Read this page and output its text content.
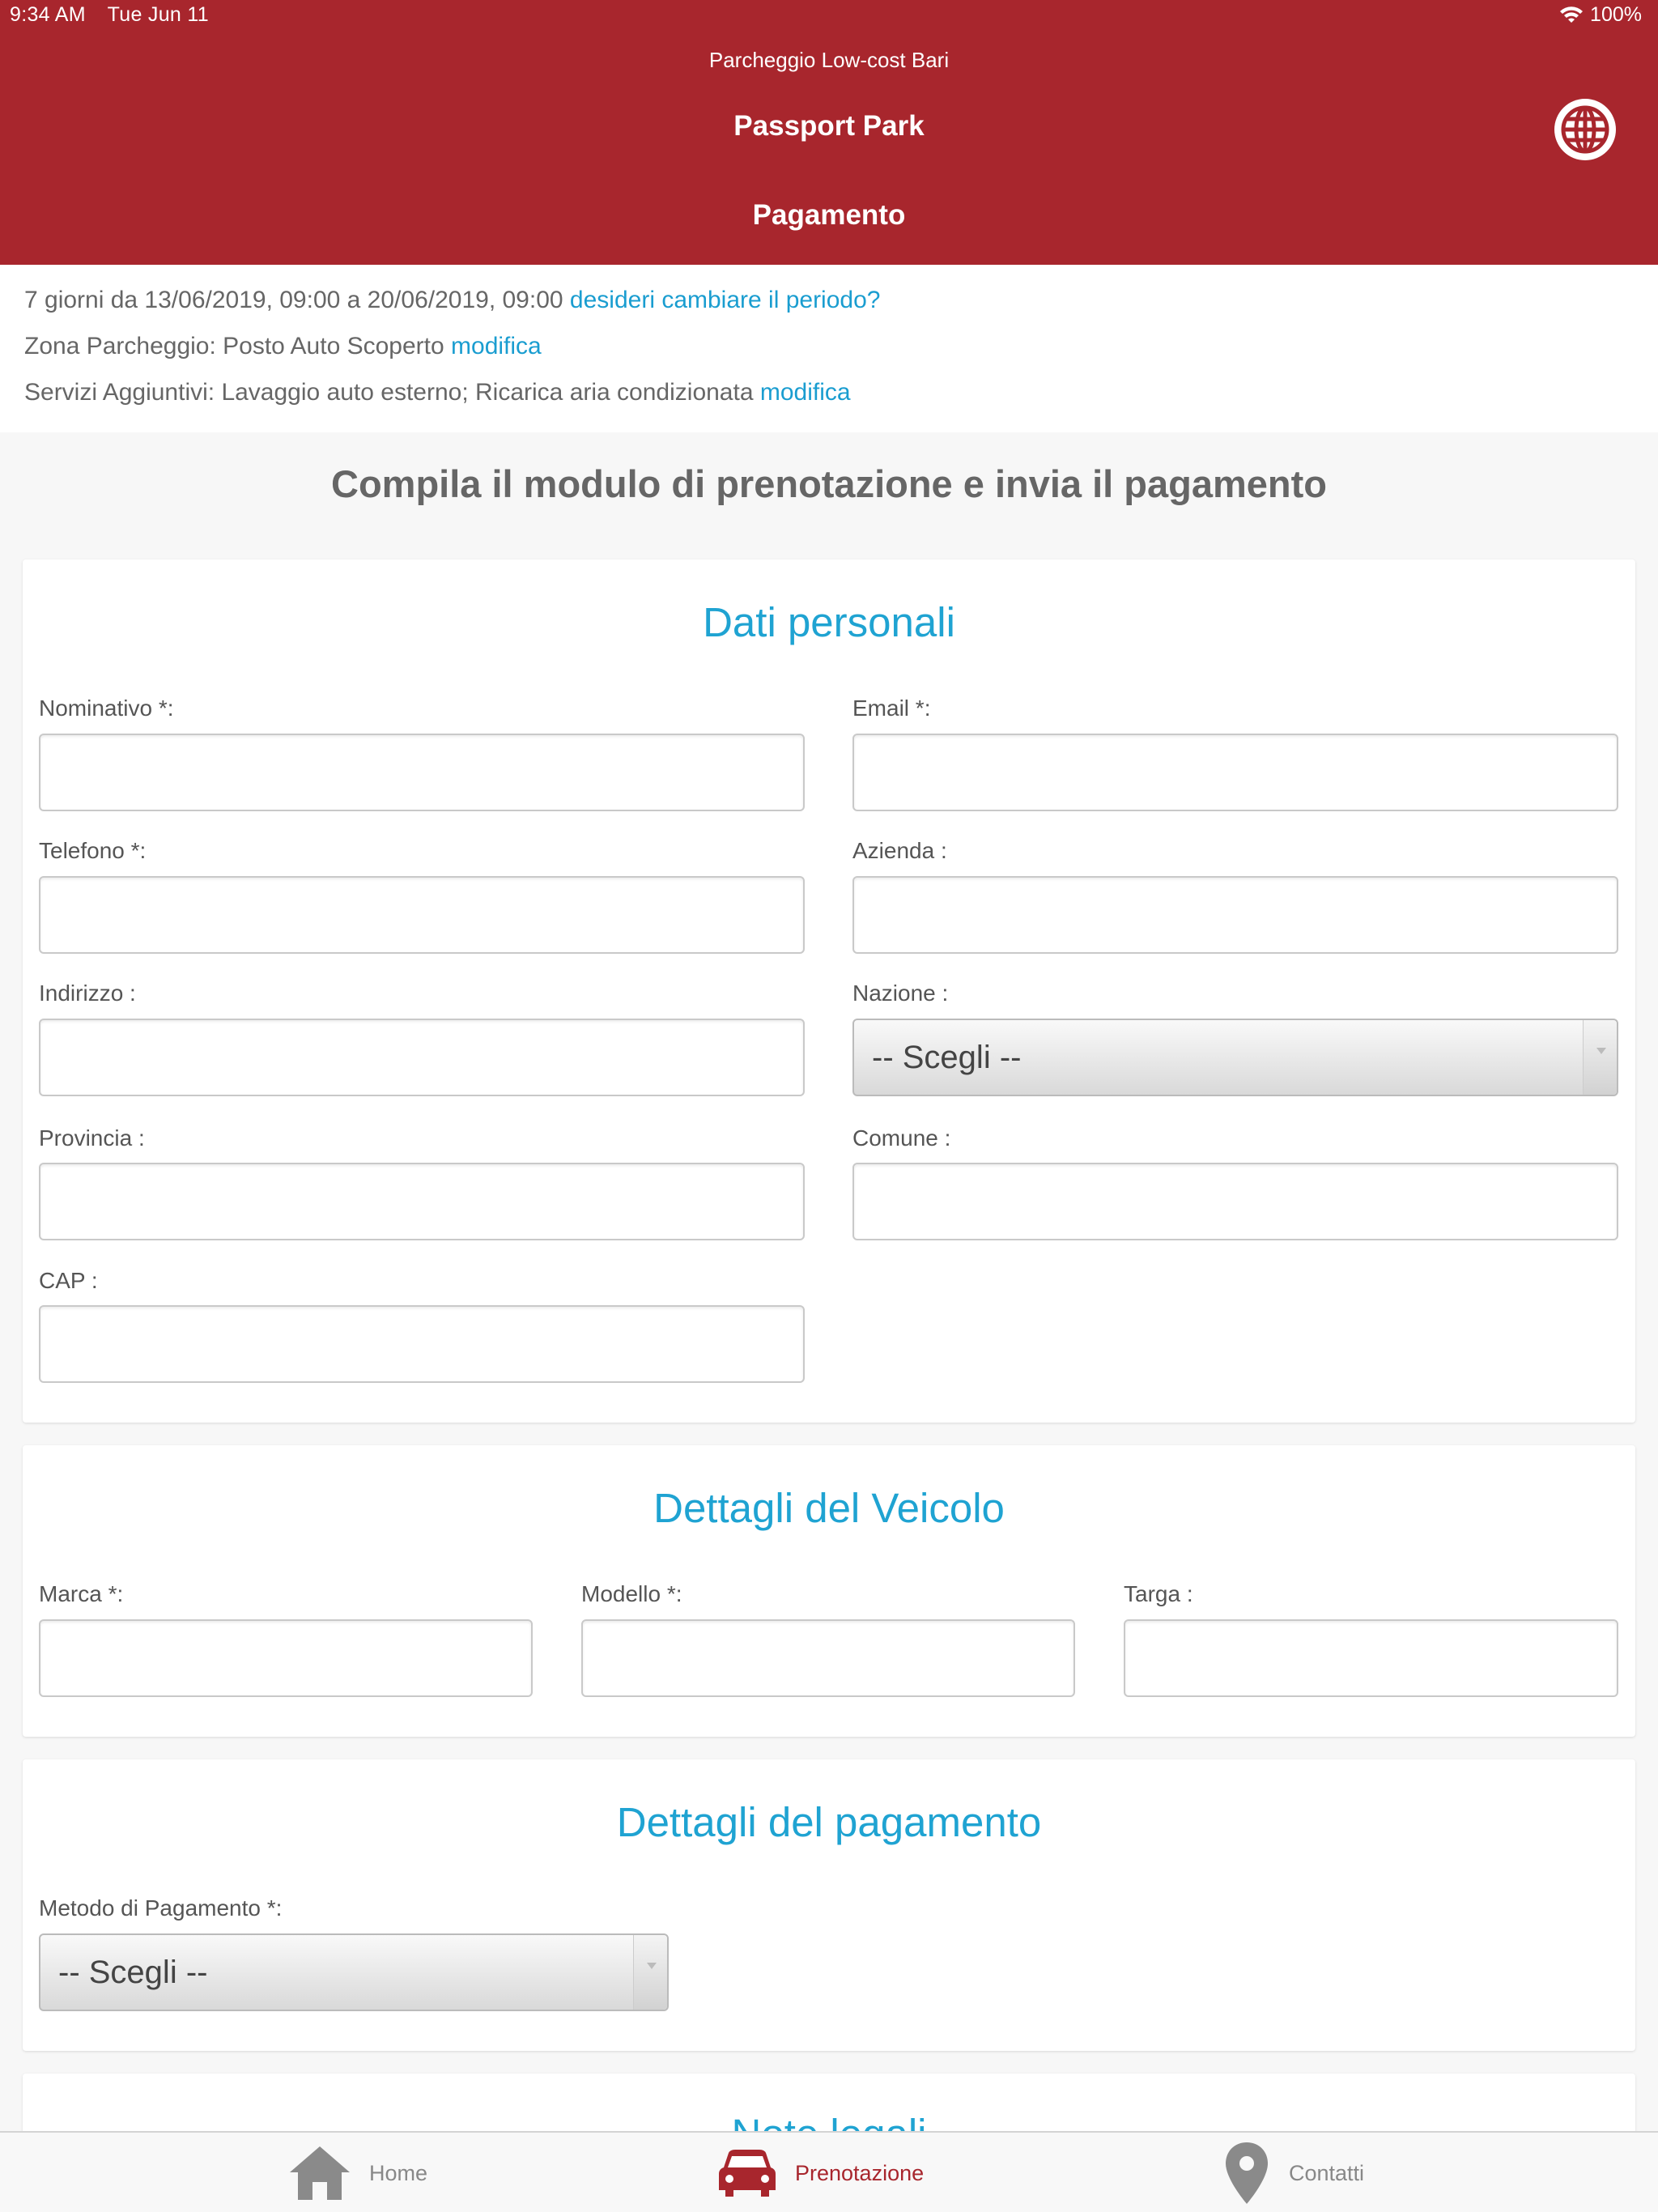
9:34 AM Tue Jun 11	100%
Parcheggio Low-cost Bari
Passport Park
Pagamento
7 giorni da 13/06/2019, 09:00 a 20/06/2019, 09:00 desideri cambiare il periodo?
Zona Parcheggio: Posto Auto Scoperto modifica
Servizi Aggiuntivi: Lavaggio auto esterno; Ricarica aria condizionata modifica
Compila il modulo di prenotazione e invia il pagamento
Dati personali
Nominativo *:	Email *:
Telefono *:	Azienda :
Indirizzo :	Nazione :
-- Scegli --
Provincia :	Comune :
CAP :
Dettagli del Veicolo
Marca *:	Modello *:	Targa :
Dettagli del pagamento
Metodo di Pagamento *:
-- Scegli --
Home	Prenotazione	Contatti
